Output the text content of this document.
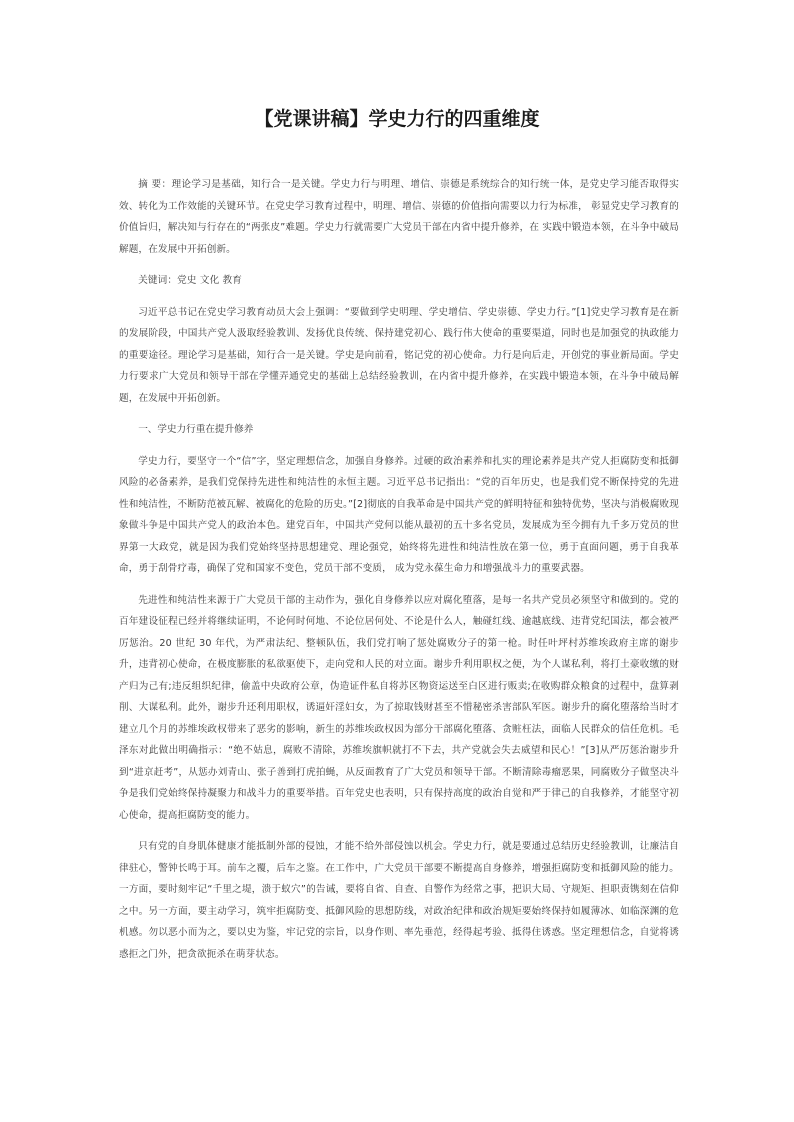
【党课讲稿】学史力行的四重维度

摘 要：理论学习是基础，知行合一是关键。学史力行与明理、增信、崇德是系统综合的知行统一体，是党史学习能否取得实效、转化为工作效能的关键环节。在党史学习教育过程中，明理、增信、崇德的价值指向需要以力行为标准， 彰显党史学习教育的价值旨归，解决知与行存在的“两张皮”难题。学史力行就需要广大党员干部在内省中提升修养，在 实践中锻造本领，在斗争中破局解题，在发展中开拓创新。

关键词：党史 文化 教育

习近平总书记在党史学习教育动员大会上强调：“要做到学史明理、学史增信、学史崇德、学史力行。”[1]党史学习教育是在新的发展阶段，中国共产党人汲取经验教训、发扬优良传统、保持建党初心、践行伟大使命的重要渠道，同时也是加强党的执政能力的重要途径。理论学习是基础，知行合一是关键。学史是向前看，铭记党的初心使命。力行是向后走，开创党的事业新局面。学史力行要求广大党员和领导干部在学懂弄通党史的基础上总结经验教训，在内省中提升修养，在实践中锻造本领，在斗争中破局解题，在发展中开拓创新。

一、学史力行重在提升修养

学史力行，要坚守一个“信”字，坚定理想信念，加强自身修养。过硬的政治素养和扎实的理论素养是共产党人拒腐防变和抵御风险的必备素养，是我们党保持先进性和纯洁性的永恒主题。习近平总书记指出：“党的百年历史，也是我们党不断保持党的先进性和纯洁性，不断防范被瓦解、被腐化的危险的历史。”[2]彻底的自我革命是中国共产党的鲜明特征和独特优势，坚决与消极腐败现象做斗争是中国共产党人的政治本色。建党百年，中国共产党何以能从最初的五十多名党员，发展成为至今拥有九千多万党员的世界第一大政党，就是因为我们党始终坚持思想建党、理论强党，始终将先进性和纯洁性放在第一位，勇于直面问题，勇于自我革命，勇于刮骨疗毒，确保了党和国家不变色，党员干部不变质， 成为党永葆生命力和增强战斗力的重要武器。

先进性和纯洁性来源于广大党员干部的主动作为，强化自身修养以应对腐化堕落，是每一名共产党员必须坚守和做到的。党的百年建设征程已经并将继续证明，不论何时何地、不论位居何处、不论是什么人，触碰红线、逾越底线、违背党纪国法，都会被严厉惩治。20 世纪 30 年代，为严肃法纪、整顿队伍，我们党打响了惩处腐败分子的第一枪。时任叶坪村苏维埃政府主席的谢步升，违背初心使命，在极度膨胀的私欲驱使下，走向党和人民的对立面。谢步升利用职权之便，为个人谋私利，将打土豪收缴的财产归为己有;违反组织纪律，偷盖中央政府公章，伪造证件私自将苏区物资运送至白区进行贩卖;在收购群众粮食的过程中，盘算剥削、大谋私利。此外，谢步升还利用职权，诱逼奸淫妇女，为了掠取钱财甚至不惜秘密杀害部队军医。谢步升的腐化堕落给当时才建立几个月的苏维埃政权带来了恶劣的影响，新生的苏维埃政权因为部分干部腐化堕落、贪赃枉法，面临人民群众的信任危机。毛泽东对此做出明确指示：“绝不姑息，腐败不清除，苏维埃旗帜就打不下去，共产党就会失去威望和民心！”[3]从严厉惩治谢步升到“进京赶考”，从惩办刘青山、张子善到打虎拍蝇，从反面教育了广大党员和领导干部。不断清除毒瘤恶果，同腐败分子做坚决斗争是我们党始终保持凝聚力和战斗力的重要举措。百年党史也表明，只有保持高度的政治自觉和严于律己的自我修养，才能坚守初心使命，提高拒腐防变的能力。

只有党的自身肌体健康才能抵制外部的侵蚀，才能不给外部侵蚀以机会。学史力行，就是要通过总结历史经验教训，让廉洁自律驻心，警钟长鸣于耳。前车之覆，后车之鉴。在工作中，广大党员干部要不断提高自身修养，增强拒腐防变和抵御风险的能力。一方面，要时刻牢记“千里之堤，溃于蚁穴”的告诫，要将自省、自查、自警作为经常之事，把识大局、守规矩、担职责镌刻在信仰之中。另一方面，要主动学习，筑牢拒腐防变、抵御风险的思想防线，对政治纪律和政治规矩要始终保持如履薄冰、如临深渊的危机感。勿以恶小而为之，要以史为鉴，牢记党的宗旨，以身作则、率先垂范，经得起考验、抵得住诱惑。坚定理想信念，自觉将诱惑拒之门外，把贪欲扼杀在萌芽状态。
